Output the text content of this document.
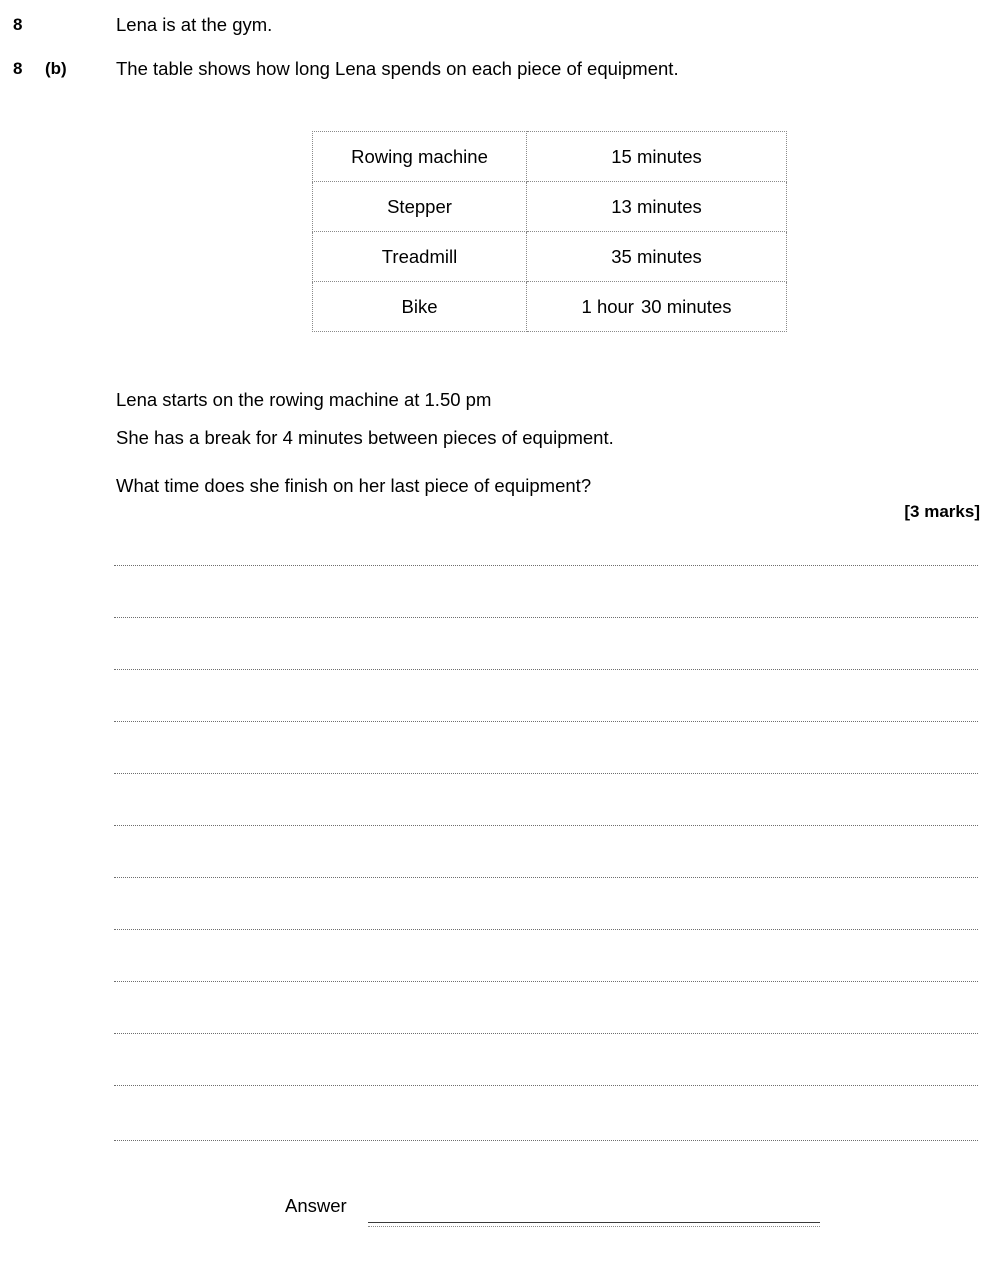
8	Lena is at the gym.
8 (b)	The table shows how long Lena spends on each piece of equipment.
Rowing machine	15 minutes
Stepper	13 minutes
Treadmill	35 minutes
Bike	1 hour 30 minutes
Lena starts on the rowing machine at 1.50 pm
She has a break for 4 minutes between pieces of equipment.
What time does she finish on her last piece of equipment?
[3 marks]
Answer
